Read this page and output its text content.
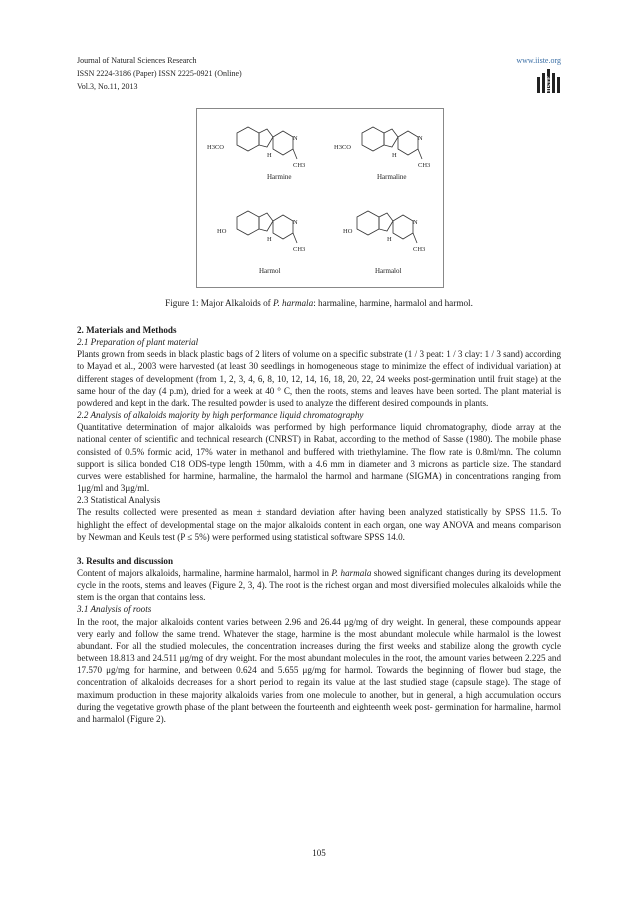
Journal of Natural Sciences Research
ISSN 2224-3186 (Paper) ISSN 2225-0921 (Online)
Vol.3, No.11, 2013
www.iiste.org
IISTE
H3CO
H
N
CH3
Harmine
H3CO
H
N
CH3
Harmaline
HO
H
N
CH3
Harmol
HO
H
N
CH3
Harmalol
Figure 1: Major Alkaloids of P. harmala: harmaline, harmine, harmalol and harmol.

2. Materials and Methods

2.1 Preparation of plant material

Plants grown from seeds in black plastic bags of 2 liters of volume on a specific substrate (1 / 3 peat: 1 / 3 clay: 1 / 3 sand) according to Mayad et al., 2003 were harvested (at least 30 seedlings in homogeneous stage to minimize the effect of individual variation) at different stages of development (from 1, 2, 3, 4, 6, 8, 10, 12, 14, 16, 18, 20, 22, 24 weeks post-germination until fruit stage) at the same hour of the day (4 p.m), dried for a week at 40 ° C, then the roots, stems and leaves have been sorted. The plant material is powdered and kept in the dark. The resulted powder is used to analyze the different desired compounds in plants.

2.2 Analysis of alkaloids majority by high performance liquid chromatography

Quantitative determination of major alkaloids was performed by high performance liquid chromatography, diode array at the national center of scientific and technical research (CNRST) in Rabat, according to the method of Sasse (1980). The mobile phase consisted of 0.5% formic acid, 17% water in methanol and buffered with triethylamine. The flow rate is 0.8ml/mn. The column support is silica bonded C18 ODS-type length 150mm, with a 4.6 mm in diameter and 3 microns as particle size. The standard curves were established for harmine, harmaline, the harmalol the harmol and harmane (SIGMA) in concentrations ranging from 1μg/ml and 3μg/ml.

2.3 Statistical Analysis

The results collected were presented as mean ± standard deviation after having been analyzed statistically by SPSS 11.5. To highlight the effect of developmental stage on the major alkaloids content in each organ, one way ANOVA and means comparison by Newman and Keuls test (P ≤ 5%) were performed using statistical software SPSS 14.0.

3. Results and discussion

Content of majors alkaloids, harmaline, harmine harmalol, harmol in P. harmala showed significant changes during its development cycle in the roots, stems and leaves (Figure 2, 3, 4). The root is the richest organ and most diversified molecules alkaloids while the stem is the organ that contains less.

3.1 Analysis of roots

In the root, the major alkaloids content varies between 2.96 and 26.44 μg/mg of dry weight. In general, these compounds appear very early and follow the same trend. Whatever the stage, harmine is the most abundant molecule while harmalol is the lowest abundant. For all the studied molecules, the concentration increases during the first weeks and stabilize along the growth cycle between 18.813 and 24.511 μg/mg of dry weight. For the most abundant molecules in the root, the amount varies between 2.225 and 17.570 μg/mg for harmine, and between 0.624 and 5.655 μg/mg for harmol. Towards the beginning of flower bud stage, the concentration of alkaloids decreases for a short period to regain its value at the last studied stage (capsule stage). The stage of maximum production in these majority alkaloids varies from one molecule to another, but in general, a high accumulation occurs during the vegetative growth phase of the plant between the fourteenth and eighteenth week post- germination for harmaline, harmol and harmalol (Figure 2).

105
